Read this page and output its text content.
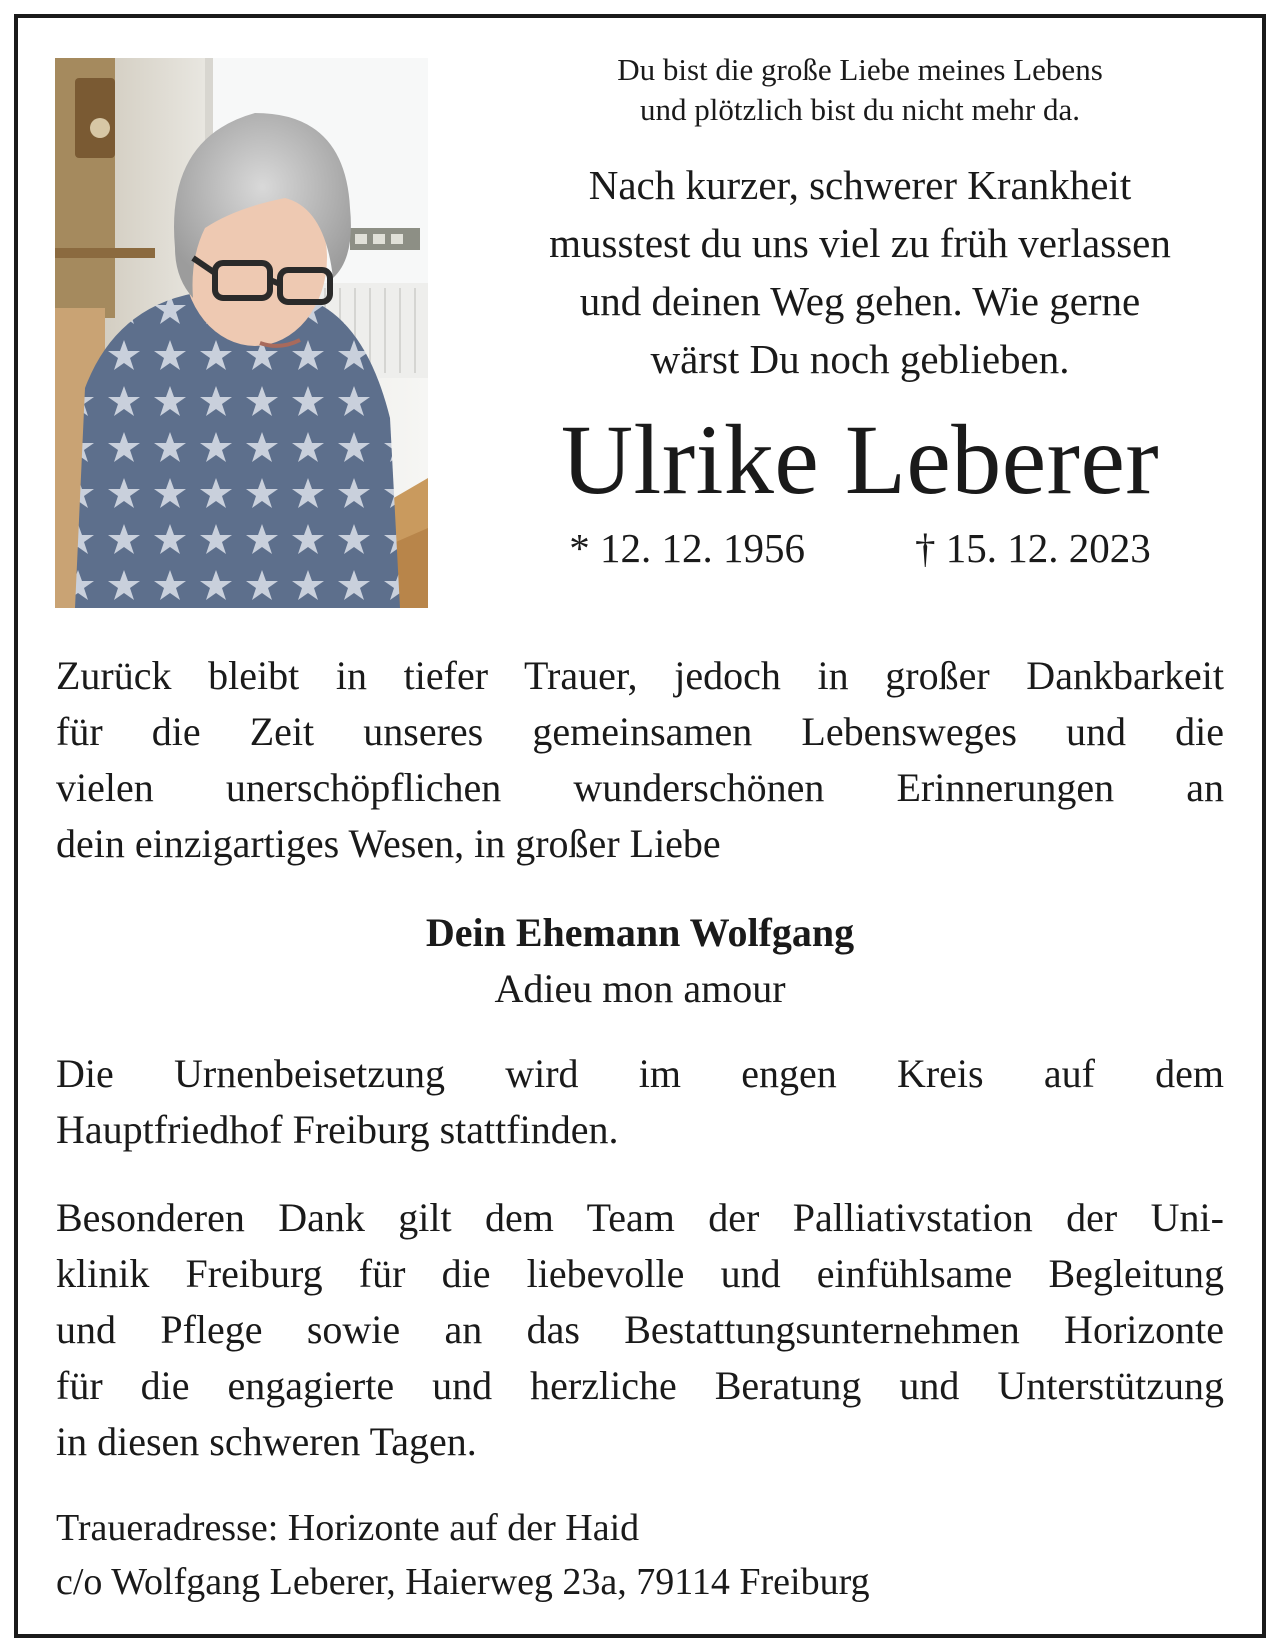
Du bist die große Liebe meines Lebens
und plötzlich bist du nicht mehr da.

Nach kurzer, schwerer Krankheit
musstest du uns viel zu früh verlassen
und deinen Weg gehen. Wie gerne
wärst Du noch geblieben.
Ulrike Leberer
* 12. 12. 1956	† 15. 12. 2023
Zurück bleibt in tiefer Trauer, jedoch in großer Dankbarkeit
für die Zeit unseres gemeinsamen Lebensweges und die
vielen unerschöpflichen wunderschönen Erinnerungen an
dein einzigartiges Wesen, in großer Liebe
Dein Ehemann Wolfgang
Adieu mon amour
Die Urnenbeisetzung wird im engen Kreis auf dem
Hauptfriedhof Freiburg stattfinden.
Besonderen Dank gilt dem Team der Palliativstation der Uni-
klinik Freiburg für die liebevolle und einfühlsame Begleitung
und Pflege sowie an das Bestattungsunternehmen Horizonte
für die engagierte und herzliche Beratung und Unterstützung
in diesen schweren Tagen.
Traueradresse: Horizonte auf der Haid
c/o Wolfgang Leberer, Haierweg 23a, 79114 Freiburg
